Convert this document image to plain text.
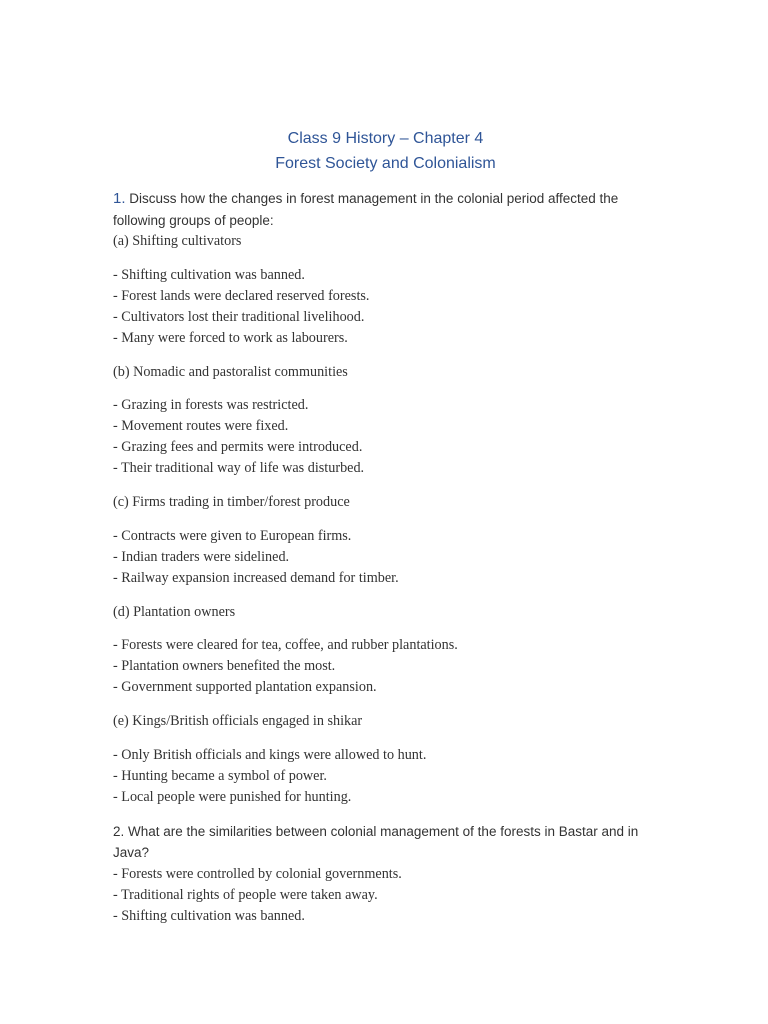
Class 9 History – Chapter 4
Forest Society and Colonialism
1. Discuss how the changes in forest management in the colonial period affected the following groups of people:
(a) Shifting cultivators
- Shifting cultivation was banned.
- Forest lands were declared reserved forests.
- Cultivators lost their traditional livelihood.
- Many were forced to work as labourers.
(b) Nomadic and pastoralist communities
- Grazing in forests was restricted.
- Movement routes were fixed.
- Grazing fees and permits were introduced.
- Their traditional way of life was disturbed.
(c) Firms trading in timber/forest produce
- Contracts were given to European firms.
- Indian traders were sidelined.
- Railway expansion increased demand for timber.
(d) Plantation owners
- Forests were cleared for tea, coffee, and rubber plantations.
- Plantation owners benefited the most.
- Government supported plantation expansion.
(e) Kings/British officials engaged in shikar
- Only British officials and kings were allowed to hunt.
- Hunting became a symbol of power.
- Local people were punished for hunting.
2. What are the similarities between colonial management of the forests in Bastar and in Java?
- Forests were controlled by colonial governments.
- Traditional rights of people were taken away.
- Shifting cultivation was banned.
